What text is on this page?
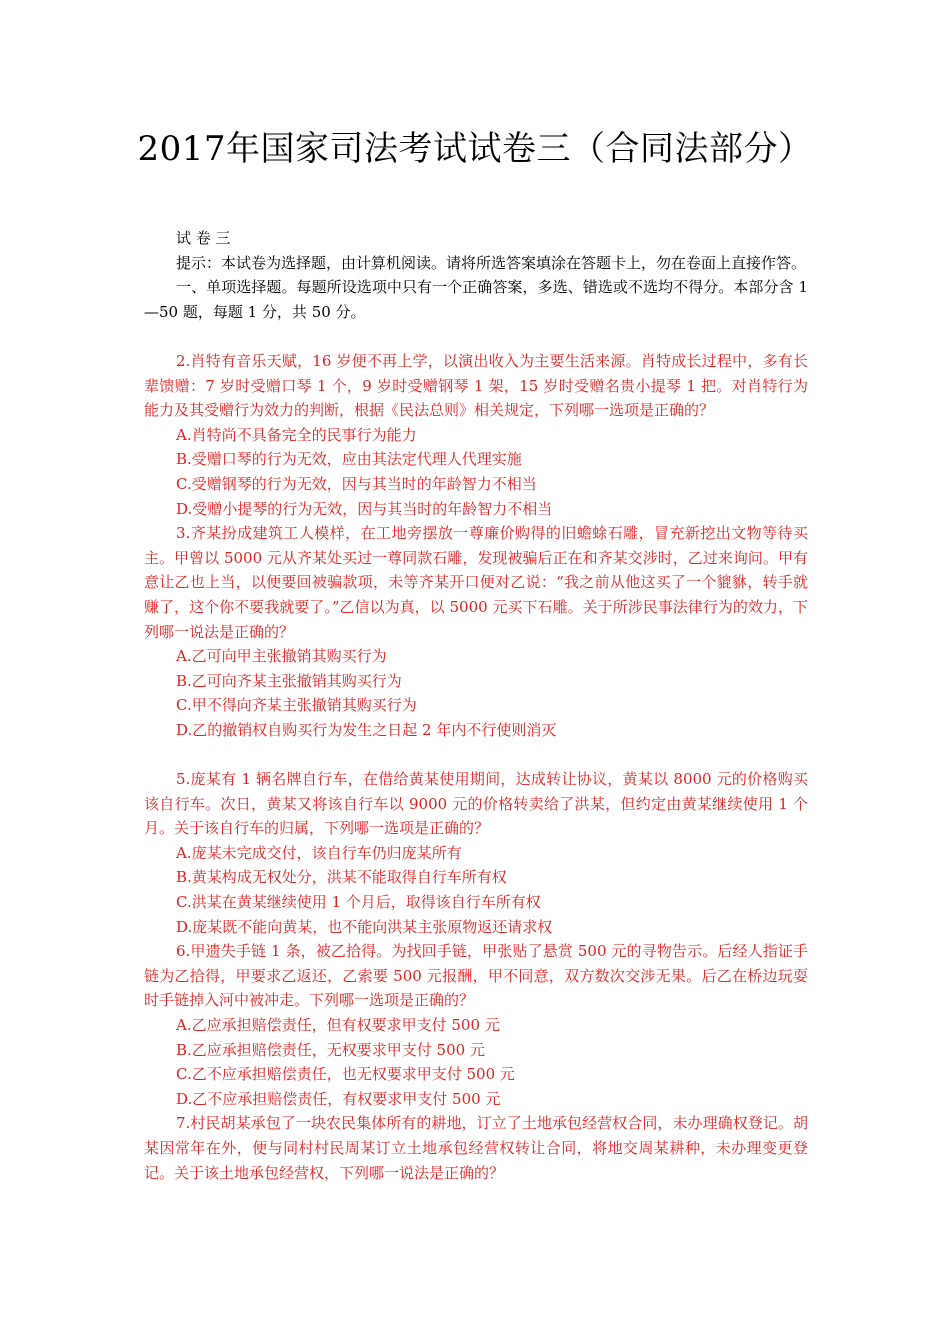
2017年国家司法考试试卷三（合同法部分）

试 卷 三

提示：本试卷为选择题，由计算机阅读。请将所选答案填涂在答题卡上，勿在卷面上直接作答。

一、单项选择题。每题所设选项中只有一个正确答案，多选、错选或不选均不得分。本部分含 1—50 题，每题 1 分，共 50 分。

2.肖特有音乐天赋，16 岁便不再上学，以演出收入为主要生活来源。肖特成长过程中，多有长辈馈赠：7 岁时受赠口琴 1 个，9 岁时受赠钢琴 1 架，15 岁时受赠名贵小提琴 1 把。对肖特行为能力及其受赠行为效力的判断，根据《民法总则》相关规定，下列哪一选项是正确的？

A.肖特尚不具备完全的民事行为能力

B.受赠口琴的行为无效，应由其法定代理人代理实施

C.受赠钢琴的行为无效，因与其当时的年龄智力不相当

D.受赠小提琴的行为无效，因与其当时的年龄智力不相当

3.齐某扮成建筑工人模样，在工地旁摆放一尊廉价购得的旧蟾蜍石雕，冒充新挖出文物等待买主。甲曾以 5000 元从齐某处买过一尊同款石雕，发现被骗后正在和齐某交涉时，乙过来询问。甲有意让乙也上当，以便要回被骗款项，未等齐某开口便对乙说：“我之前从他这买了一个貔貅，转手就赚了，这个你不要我就要了。”乙信以为真，以 5000 元买下石雕。关于所涉民事法律行为的效力，下列哪一说法是正确的？

A.乙可向甲主张撤销其购买行为

B.乙可向齐某主张撤销其购买行为

C.甲不得向齐某主张撤销其购买行为

D.乙的撤销权自购买行为发生之日起 2 年内不行使则消灭

5.庞某有 1 辆名牌自行车，在借给黄某使用期间，达成转让协议，黄某以 8000 元的价格购买该自行车。次日，黄某又将该自行车以 9000 元的价格转卖给了洪某，但约定由黄某继续使用 1 个月。关于该自行车的归属，下列哪一选项是正确的？

A.庞某未完成交付，该自行车仍归庞某所有

B.黄某构成无权处分，洪某不能取得自行车所有权

C.洪某在黄某继续使用 1 个月后，取得该自行车所有权

D.庞某既不能向黄某，也不能向洪某主张原物返还请求权

6.甲遗失手链 1 条，被乙拾得。为找回手链，甲张贴了悬赏 500 元的寻物告示。后经人指证手链为乙拾得，甲要求乙返还，乙索要 500 元报酬，甲不同意，双方数次交涉无果。后乙在桥边玩耍时手链掉入河中被冲走。下列哪一选项是正确的？

A.乙应承担赔偿责任，但有权要求甲支付 500 元

B.乙应承担赔偿责任，无权要求甲支付 500 元

C.乙不应承担赔偿责任，也无权要求甲支付 500 元

D.乙不应承担赔偿责任，有权要求甲支付 500 元

7.村民胡某承包了一块农民集体所有的耕地，订立了土地承包经营权合同，未办理确权登记。胡某因常年在外，便与同村村民周某订立土地承包经营权转让合同，将地交周某耕种，未办理变更登记。关于该土地承包经营权，下列哪一说法是正确的？
